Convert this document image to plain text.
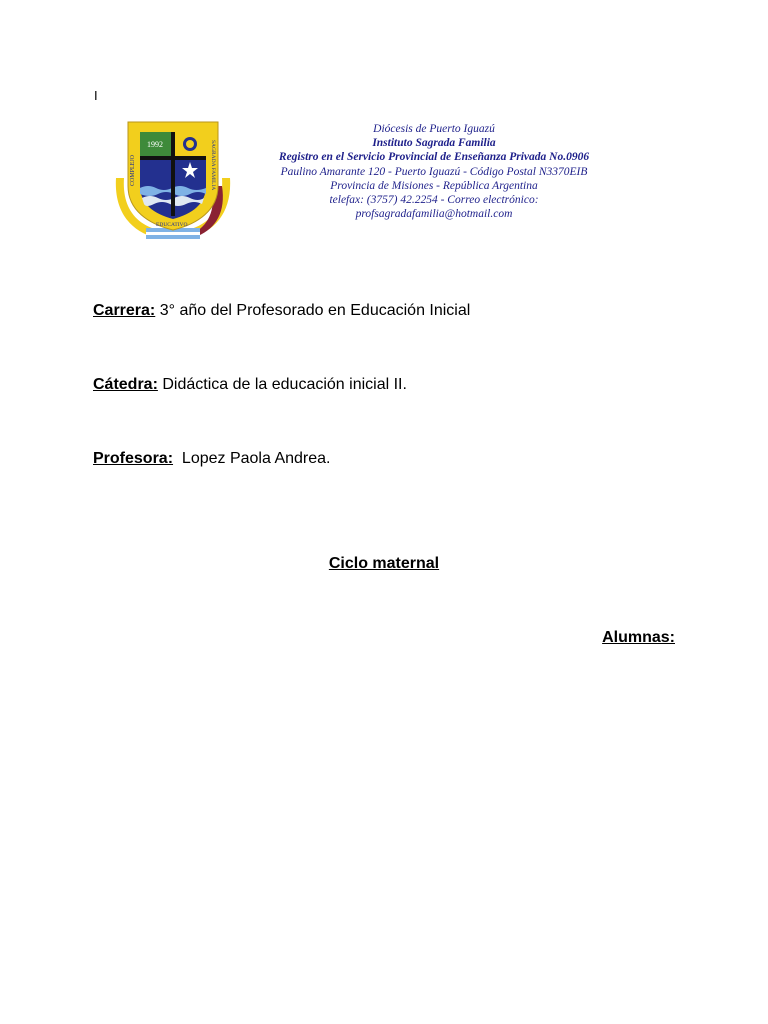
I
1992
COMPLEJO
EDUCATIVO
SAGRADA FAMILIA
Diócesis de Puerto Iguazú
Instituto Sagrada Familia
Registro en el Servicio Provincial de Enseñanza Privada No.0906
Paulino Amarante 120 - Puerto Iguazú - Código Postal N3370EIB
Provincia de Misiones - República Argentina
telefax: (3757) 42.2254 - Correo electrónico:
profsagradafamilia@hotmail.com
Carrera: 3° año del Profesorado en Educación Inicial
Cátedra: Didáctica de la educación inicial II.
Profesora:  Lopez Paola Andrea.
Ciclo maternal
Alumnas:
